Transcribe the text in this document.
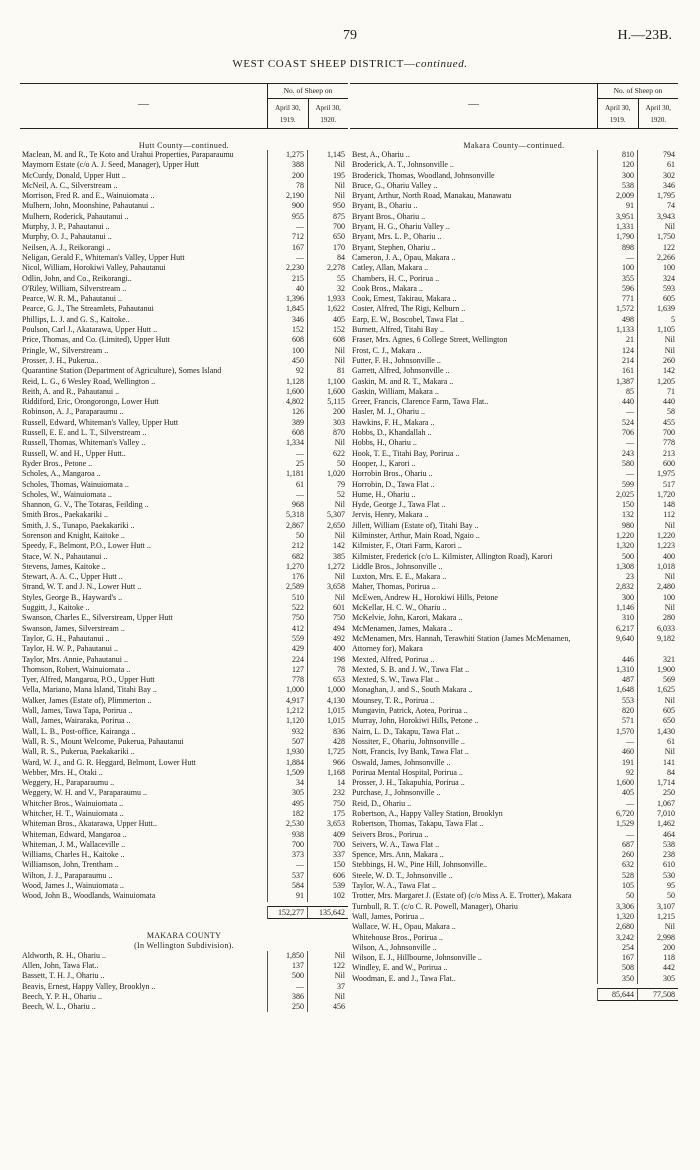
79	H.—23B.
WEST COAST SHEEP DISTRICT—continued.
—
No. of Sheep on
April 30, 1919.
April 30, 1920.
Hutt County—continued.
Maclean, M. and R., Te Koto and Urahui Properties, Paraparaumu	1,275	1,145
Maymorn Estate (c/o A. J. Seed, Manager), Upper Hutt	388	Nil
McCurdy, Donald, Upper Hutt ..	200	195
McNeil, A. C., Silverstream ..	78	Nil
Morrison, Fred R. and E., Wainuiomata ..	2,190	Nil
Mulhern, John, Moonshine, Pahautanui ..	900	950
Mulhern, Roderick, Pahautanui ..	955	875
Murphy, J. P., Pahautanui ..	—	700
Murphy, O. J., Pahautanui ..	712	650
Neilsen, A. J., Reikorangi ..	167	170
Neligan, Gerald F., Whiteman's Valley, Upper Hutt	—	84
Nicol, William, Horokiwi Valley, Pahautanui	2,230	2,278
Odlin, John, and Co., Reikorangi..	215	55
O'Riley, William, Silverstream ..	40	32
Pearce, W. R. M., Pahautanui ..	1,396	1,933
Pearce, G. J., The Streamlets, Pahautanui	1,845	1,622
Phillips, L. J. and G. S., Kaitoke..	346	405
Poulson, Carl J., Akatarawa, Upper Hutt ..	152	152
Price, Thomas, and Co. (Limited), Upper Hutt	608	608
Pringle, W., Silverstream ..	100	Nil
Prosser, J. H., Pukerua..	450	Nil
Quarantine Station (Department of Agriculture), Somes Island	92	81
Reid, L. G., 6 Wesley Road, Wellington ..	1,128	1,100
Reith, A. and R., Pahautanui ..	1,600	1,600
Riddiford, Eric, Orongorongo, Lower Hutt	4,802	5,115
Robinson, A. J., Paraparaumu ..	126	200
Russell, Edward, Whiteman's Valley, Upper Hutt	389	303
Russell, E. E. and L. T., Silverstream ..	608	870
Russell, Thomas, Whiteman's Valley ..	1,334	Nil
Russell, W. and H., Upper Hutt..	—	622
Ryder Bros., Petone ..	25	50
Scholes, A., Mangaroa ..	1,181	1,020
Scholes, Thomas, Wainuiomata ..	61	79
Scholes, W., Wainuiomata ..	—	52
Shannon, G. V., The Totaras, Feilding ..	968	Nil
Smith Bros., Paekakariki ..	5,318	5,307
Smith, J. S., Tunapo, Paekakariki ..	2,867	2,650
Sorenson and Knight, Kaitoke ..	50	Nil
Speedy, F., Belmont, P.O., Lower Hutt ..	212	142
Stace, W. N., Pahautanui ..	682	385
Stevens, James, Kaitoke ..	1,270	1,272
Stewart, A. A. C., Upper Hutt ..	176	Nil
Strand, W. T. and J. N., Lower Hutt ..	2,589	3,658
Styles, George B., Hayward's ..	510	Nil
Suggitt, J., Kaitoke ..	522	601
Swanson, Charles E., Silverstream, Upper Hutt	750	750
Swanson, James, Silverstream ..	412	494
Taylor, G. H., Pahautanui ..	559	492
Taylor, H. W. P., Pahautanui ..	429	400
Taylor, Mrs. Annie, Pahautanui ..	224	198
Thomson, Robert, Wainuiomata ..	127	78
Tyer, Alfred, Mangaroa, P.O., Upper Hutt	778	653
Vella, Mariano, Mana Island, Titahi Bay ..	1,000	1,000
Walker, James (Estate of), Plimmerton ..	4,917	4,130
Wall, James, Tawa Tapa, Porirua ..	1,212	1,015
Wall, James, Wairaraka, Porirua ..	1,120	1,015
Wall, L. B., Post-office, Kairanga ..	932	836
Wall, R. S., Mount Welcome, Pukerua, Pahautanui	507	428
Wall, R. S., Pukerua, Paekakariki ..	1,930	1,725
Ward, W. J., and G. R. Heggard, Belmont, Lower Hutt	1,884	966
Webber, Mrs. H., Otaki ..	1,509	1,168
Weggery, H., Paraparaumu ..	34	14
Weggery, W. H. and V., Paraparaumu ..	305	232
Whitcher Bros., Wainuiomata ..	495	750
Whitcher, H. T., Wainuiomata ..	182	175
Whiteman Bros., Akatarawa, Upper Hutt..	2,530	3,653
Whiteman, Edward, Mangaroa ..	938	409
Whiteman, J. M., Wallaceville ..	700	700
Williams, Charles H., Kaitoke ..	373	337
Williamson, John, Trentham ..	—	150
Wilton, J. J., Paraparaumu ..	537	606
Wood, James J., Wainuiomata ..	584	539
Wood, John B., Woodlands, Wainuiomata	91	102
152,277	135,642
MAKARA COUNTY
(In Wellington Subdivision).
Aldworth, R. H., Ohariu ..	1,850	Nil
Allen, John, Tawa Flat..	137	122
Bassett, T. H. J., Ohariu ..	500	Nil
Beavis, Ernest, Happy Valley, Brooklyn ..	—	37
Beech, Y. P. H., Ohariu ..	386	Nil
Beech, W. L., Ohariu ..	250	456
—
No. of Sheep on
April 30, 1919.
April 30, 1920.
Makara County—continued.
Best, A., Ohariu ..	810	794
Broderick, A. T., Johnsonville ..	120	61
Broderick, Thomas, Woodland, Johnsonville	300	302
Bruce, G., Ohariu Valley ..	538	346
Bryant, Arthur, North Road, Manakau, Manawatu	2,009	1,795
Bryant, B., Ohariu ..	91	74
Bryant Bros., Ohariu ..	3,951	3,943
Bryant, H. G., Ohariu Valley ..	1,331	Nil
Bryant, Mrs. L. P., Ohariu ..	1,790	1,750
Bryant, Stephen, Ohariu ..	898	122
Cameron, J. A., Opau, Makara ..	—	2,266
Catley, Allan, Makara ..	100	100
Chambers, H. C., Porirua ..	355	324
Cook Bros., Makara ..	596	593
Cook, Ernest, Takirau, Makara ..	771	605
Coster, Alfred, The Rigi, Kelburn ..	1,572	1,639
Earp, E. W., Boscobel, Tawa Flat ..	498	5
Burnett, Alfred, Titahi Bay ..	1,133	1,105
Fraser, Mrs. Agnes, 6 College Street, Wellington	21	Nil
Frost, C. J., Makara ..	124	Nil
Futter, F. H., Johnsonville ..	214	260
Garrett, Alfred, Johnsonville ..	161	142
Gaskin, M. and R. T., Makara ..	1,387	1,205
Gaskin, William, Makara ..	85	71
Greer, Francis, Clarence Farm, Tawa Flat..	440	440
Hasler, M. J., Ohariu ..	—	58
Hawkins, F. H., Makara ..	524	455
Hobbs, D., Khandallah ..	706	700
Hobbs, H., Ohariu ..	—	778
Hook, T. E., Titahi Bay, Porirua ..	243	213
Hooper, J., Karori ..	580	600
Horrobin Bros., Ohariu ..	—	1,975
Horrobin, D., Tawa Flat ..	599	517
Hume, H., Ohariu ..	2,025	1,720
Hyde, George J., Tawa Flat ..	150	148
Jervis, Henry, Makara ..	132	112
Jillett, William (Estate of), Titahi Bay ..	980	Nil
Kilminster, Arthur, Main Road, Ngaio ..	1,220	1,220
Kilmister, F., Otari Farm, Karori ..	1,320	1,223
Kilmister, Frederick (c/o L. Kilmister, Allington Road), Karori	500	400
Liddle Bros., Johnsonville ..	1,308	1,018
Luxton, Mrs. E. E., Makara ..	23	Nil
Maher, Thomas, Porirua ..	2,832	2,480
McEwen, Andrew H., Horokiwi Hills, Petone	300	100
McKellar, H. C. W., Ohariu ..	1,146	Nil
McKelvie, John, Karori, Makara ..	310	280
McMenamen, James, Makara ..	6,217	6,033
McMenamen, Mrs. Hannah, Terawhiti Station (James McMenamen, Attorney for), Makara
9,640	9,182
Mexted, Alfred, Porirua ..	446	321
Mexted, S. B. and J. W., Tawa Flat ..	1,310	1,900
Mexted, S. W., Tawa Flat ..	487	569
Monaghan, J. and S., South Makara ..	1,648	1,625
Mounsey, T. R., Porirua ..	553	Nil
Mungavin, Patrick, Aotea, Porirua ..	820	605
Murray, John, Horokiwi Hills, Petone ..	571	650
Nairn, L. D., Takapu, Tawa Flat ..	1,570	1,430
Nossiter, F., Ohariu, Johnsonville ..	—	61
Nott, Francis, Ivy Bank, Tawa Flat ..	460	Nil
Oswald, James, Johnsonville ..	191	141
Porirua Mental Hospital, Porirua ..	92	84
Prosser, J. H., Takapuhia, Porirua ..	1,600	1,714
Purchase, J., Johnsonville ..	405	250
Reid, D., Ohariu ..	—	1,067
Robertson, A., Happy Valley Station, Brooklyn	6,720	7,010
Robertson, Thomas, Takapu, Tawa Flat ..	1,529	1,462
Seivers Bros., Porirua ..	—	464
Seivers, W. A., Tawa Flat ..	687	538
Spence, Mrs. Ann, Makara ..	260	238
Stebbings, H. W., Pine Hill, Johnsonville..	632	610
Steele, W. D. T., Johnsonville ..	528	530
Taylor, W. A., Tawa Flat ..	105	95
Trotter, Mrs. Margaret J. (Estate of) (c/o Miss A. E. Trotter), Makara	50	50
Turnbull, R. T. (c/o C. R. Powell, Manager), Ohariu	3,306	3,107
Wall, James, Porirua ..	1,320	1,215
Wallace, W. H., Opau, Makara ..	2,680	Nil
Whitehouse Bros., Porirua ..	3,242	2,998
Wilson, A., Johnsonville ..	254	200
Wilson, E. J., Hillbourne, Johnsonville ..	167	118
Windley, E. and W., Porirua ..	508	442
Woodman, E. and J., Tawa Flat..	350	305
85,644	77,508
